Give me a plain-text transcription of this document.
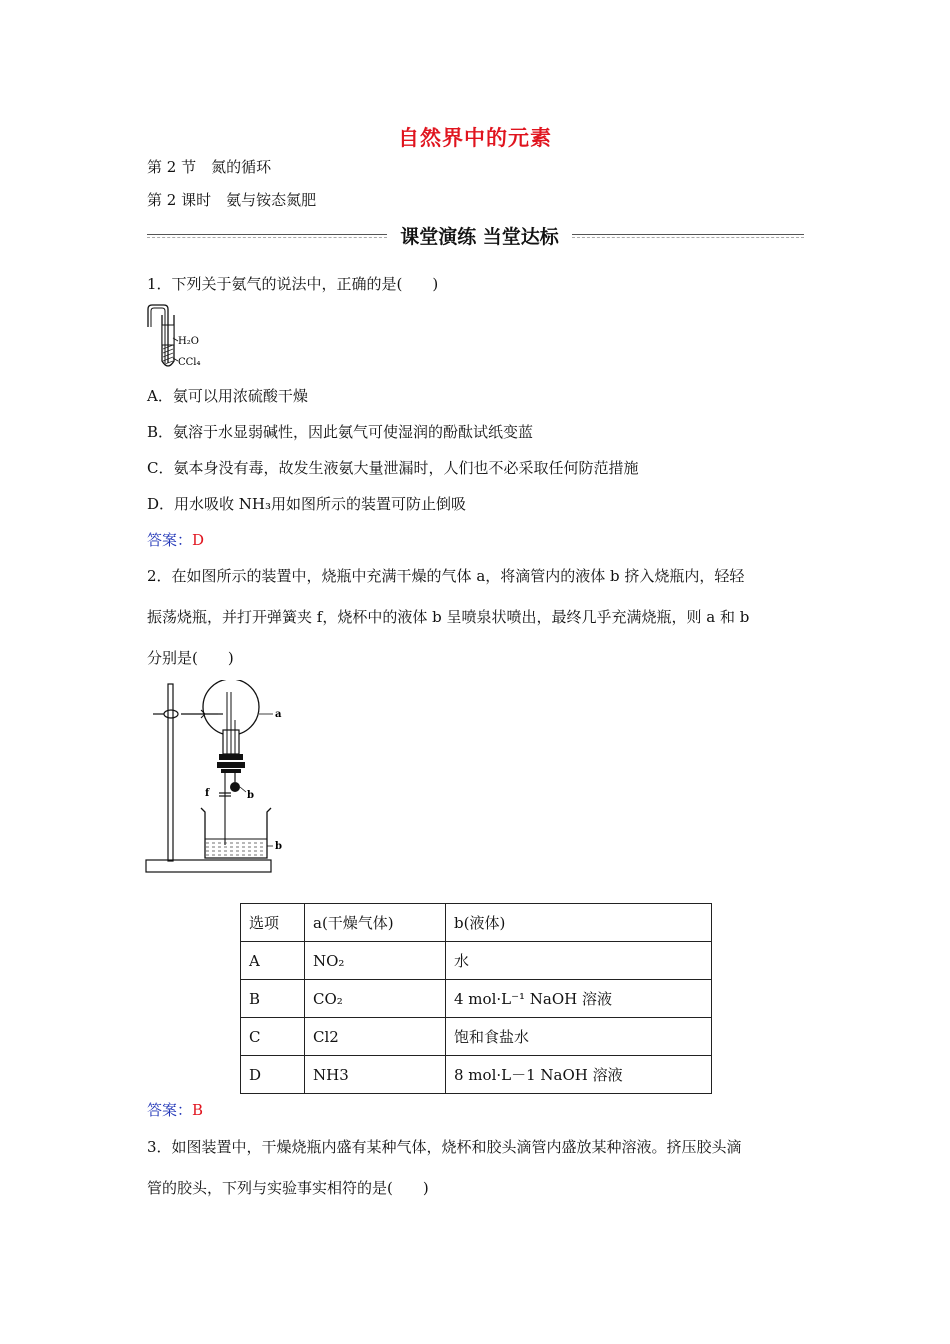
自然界中的元素
第 2 节　氮的循环
第 2 课时　氨与铵态氮肥
课堂演练 当堂达标
1．下列关于氨气的说法中，正确的是(　　)
H₂O
CCl₄
A．氨可以用浓硫酸干燥
B．氨溶于水显弱碱性，因此氨气可使湿润的酚酞试纸变蓝
C．氨本身没有毒，故发生液氨大量泄漏时，人们也不必采取任何防范措施
D．用水吸收 NH₃用如图所示的装置可防止倒吸
答案：D
2．在如图所示的装置中，烧瓶中充满干燥的气体 a，将滴管内的液体 b 挤入烧瓶内，轻轻
振荡烧瓶，并打开弹簧夹 f，烧杯中的液体 b 呈喷泉状喷出，最终几乎充满烧瓶，则 a 和 b
分别是(　　)
a
b
f
b
选项	a(干燥气体)	b(液体)
A	NO₂	水
B	CO₂	4 mol·L⁻¹ NaOH 溶液
C	Cl2	饱和食盐水
D	NH3	8 mol·L－1 NaOH 溶液
答案：B
3．如图装置中，干燥烧瓶内盛有某种气体，烧杯和胶头滴管内盛放某种溶液。挤压胶头滴
管的胶头，下列与实验事实相符的是(　　)
